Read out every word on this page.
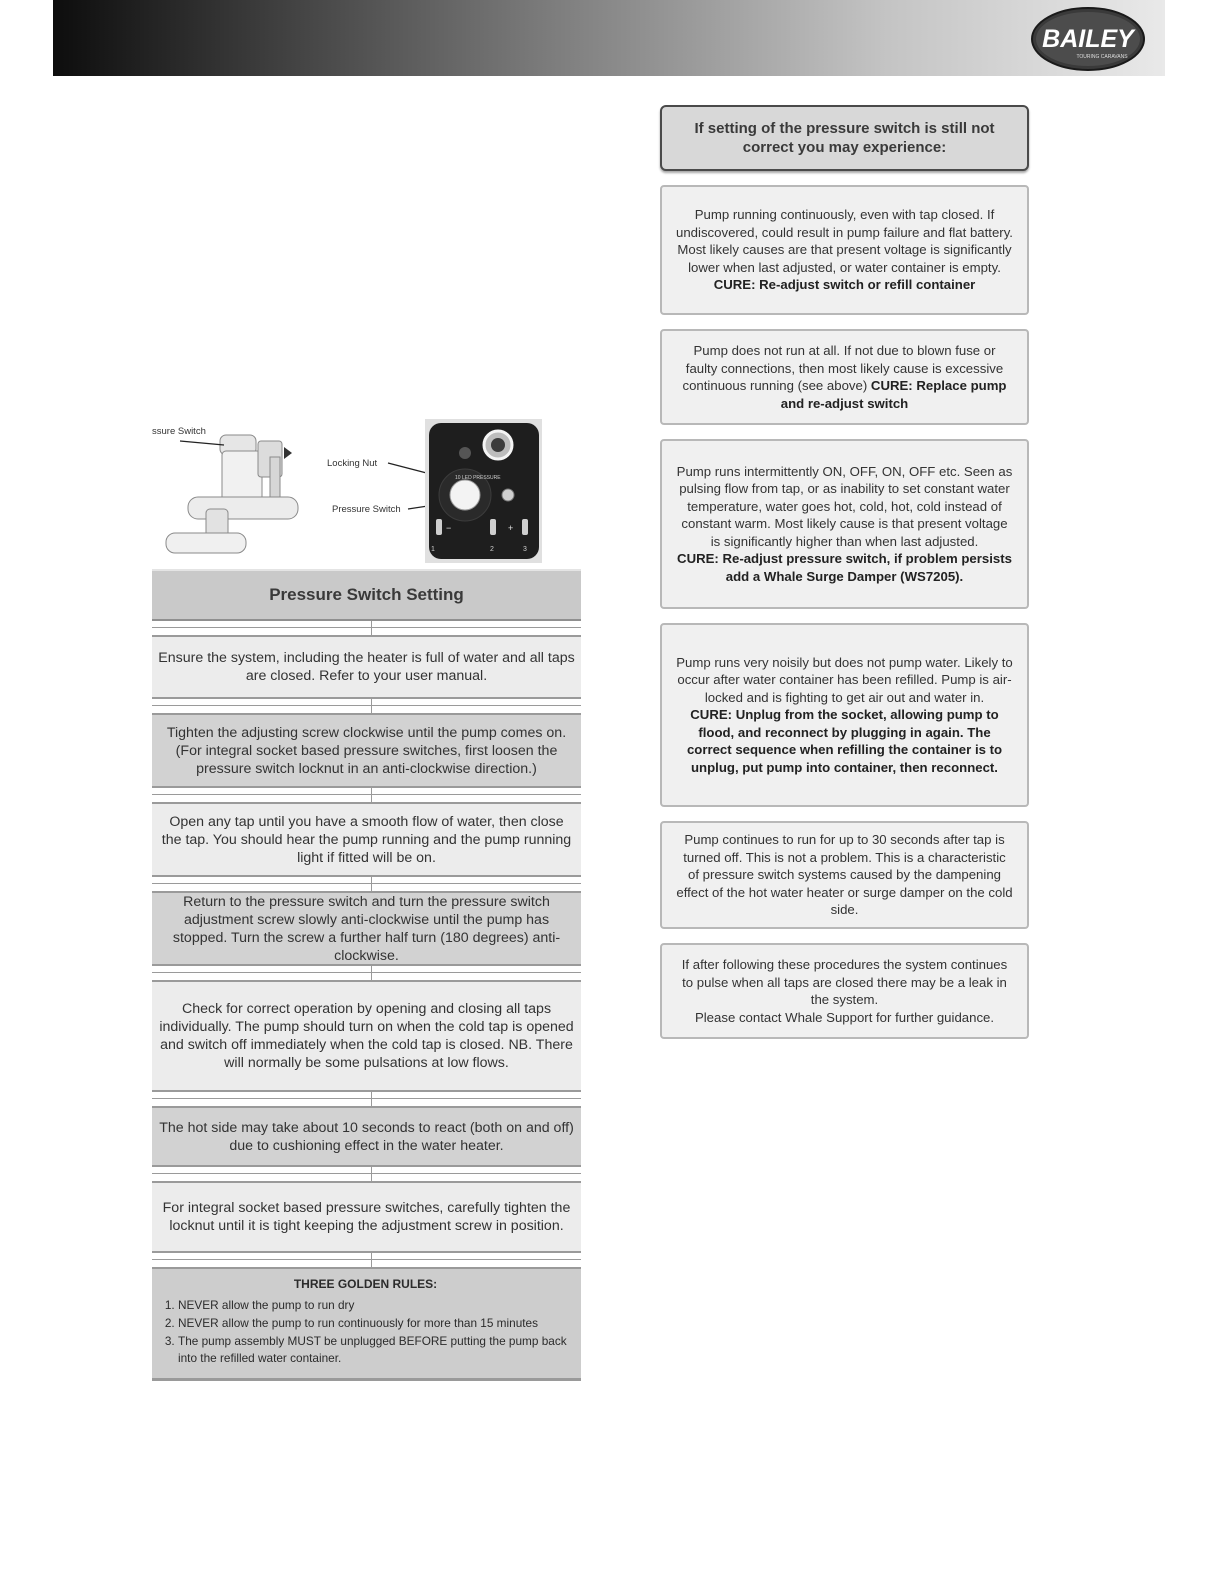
BAILEY
TOURING CARAVANS
ssure Switch
Locking Nut
Pressure Switch
10 LED PRESSURE
−	+
1	2	3
Pressure Switch Setting
Ensure the system, including the heater is full of water and all taps are closed. Refer to your user manual.
Tighten the adjusting screw clockwise until the pump comes on. (For integral socket based pressure switches, first loosen the pressure switch locknut in an anti-clockwise direction.)
Open any tap until you have a smooth flow of water, then close the tap. You should hear the pump running and the pump running light if fitted will be on.
Return to the pressure switch and turn the pressure switch adjustment screw slowly anti-clockwise until the pump has stopped. Turn the screw a further half turn (180 degrees) anti-clockwise.
Check for correct operation by opening and closing all taps individually. The pump should turn on when the cold tap is opened and switch off immediately when the cold tap is closed. NB. There will normally be some pulsations at low flows.
The hot side may take about 10 seconds to react (both on and off) due to cushioning effect in the water heater.
For integral socket based pressure switches, carefully tighten the locknut until it is tight keeping the adjustment screw in position.
THREE GOLDEN RULES:
1. NEVER allow the pump to run dry
2. NEVER allow the pump to run continuously for more than 15 minutes
3. The pump assembly MUST be unplugged BEFORE putting the pump back into the refilled water container.
If setting of the pressure switch is still not correct you may experience:
Pump running continuously, even with tap closed. If undiscovered, could result in pump failure and flat battery. Most likely causes are that present voltage is significantly lower when last adjusted, or water container is empty.
CURE: Re-adjust switch or refill container
Pump does not run at all. If not due to blown fuse or faulty connections, then most likely cause is excessive continuous running (see above) CURE: Replace pump and re-adjust switch
Pump runs intermittently ON, OFF, ON, OFF etc. Seen as pulsing flow from tap, or as inability to set constant water temperature, water goes hot, cold, hot, cold instead of constant warm. Most likely cause is that present voltage is significantly higher than when last adjusted.
CURE: Re-adjust pressure switch, if problem persists add a Whale Surge Damper (WS7205).
Pump runs very noisily but does not pump water. Likely to occur after water container has been refilled. Pump is air- locked and is fighting to get air out and water in.
CURE: Unplug from the socket, allowing pump to flood, and reconnect by plugging in again. The correct sequence when refilling the container is to unplug, put pump into container, then reconnect.
Pump continues to run for up to 30 seconds after tap is turned off. This is not a problem. This is a characteristic of pressure switch systems caused by the dampening effect of the hot water heater or surge damper on the cold side.
If after following these procedures the system continues to pulse when all taps are closed there may be a leak in the system.
Please contact Whale Support for further guidance.
